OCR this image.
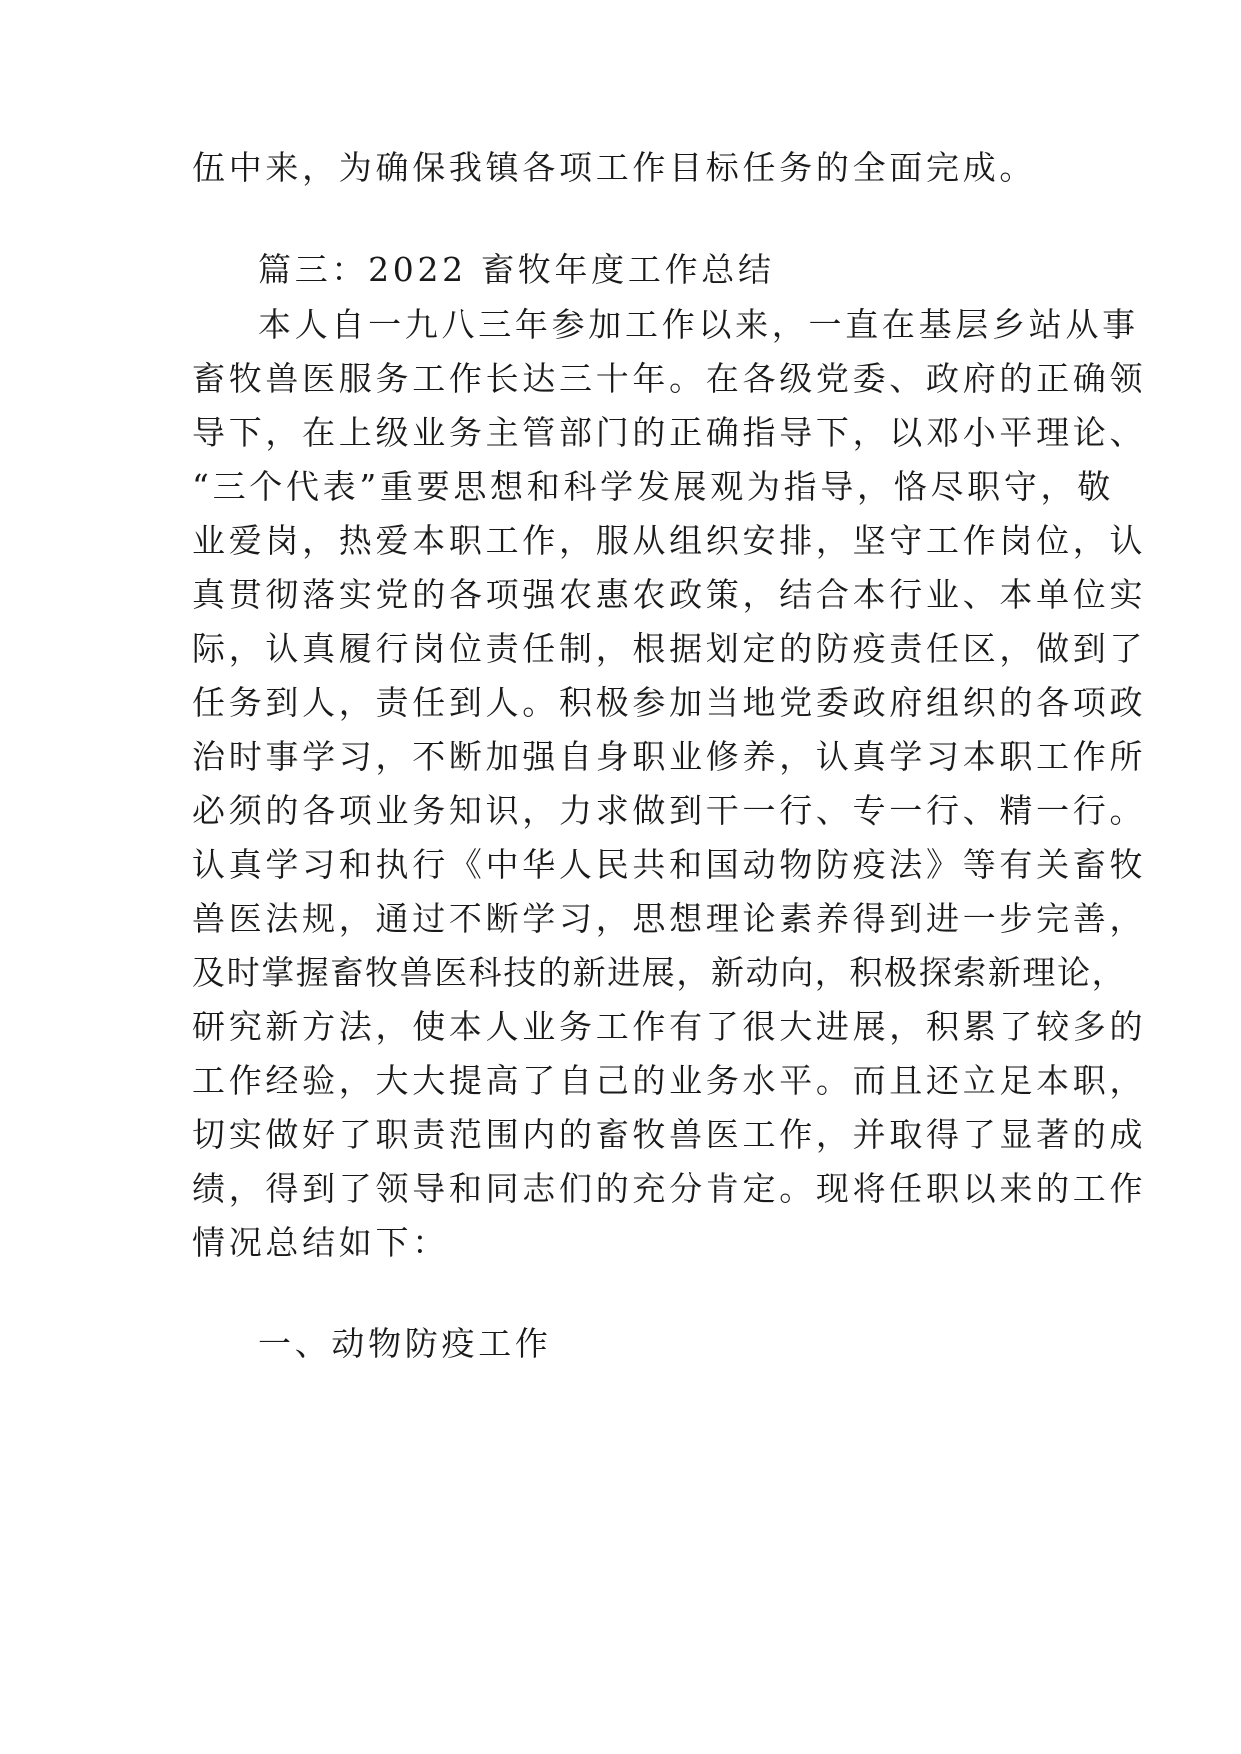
伍中来，为确保我镇各项工作目标任务的全面完成。
篇三：2022 畜牧年度工作总结
本人自一九八三年参加工作以来，一直在基层乡站从事
畜牧兽医服务工作长达三十年。在各级党委、政府的正确领
导下，在上级业务主管部门的正确指导下，以邓小平理论、
“三个代表”重要思想和科学发展观为指导，恪尽职守，敬
业爱岗，热爱本职工作，服从组织安排，坚守工作岗位，认
真贯彻落实党的各项强农惠农政策，结合本行业、本单位实
际，认真履行岗位责任制，根据划定的防疫责任区，做到了
任务到人，责任到人。积极参加当地党委政府组织的各项政
治时事学习，不断加强自身职业修养，认真学习本职工作所
必须的各项业务知识，力求做到干一行、专一行、精一行。
认真学习和执行《中华人民共和国动物防疫法》等有关畜牧
兽医法规，通过不断学习，思想理论素养得到进一步完善，
及时掌握畜牧兽医科技的新进展，新动向，积极探索新理论，
研究新方法，使本人业务工作有了很大进展，积累了较多的
工作经验，大大提高了自己的业务水平。而且还立足本职，
切实做好了职责范围内的畜牧兽医工作，并取得了显著的成
绩，得到了领导和同志们的充分肯定。现将任职以来的工作
情况总结如下：
一、动物防疫工作
